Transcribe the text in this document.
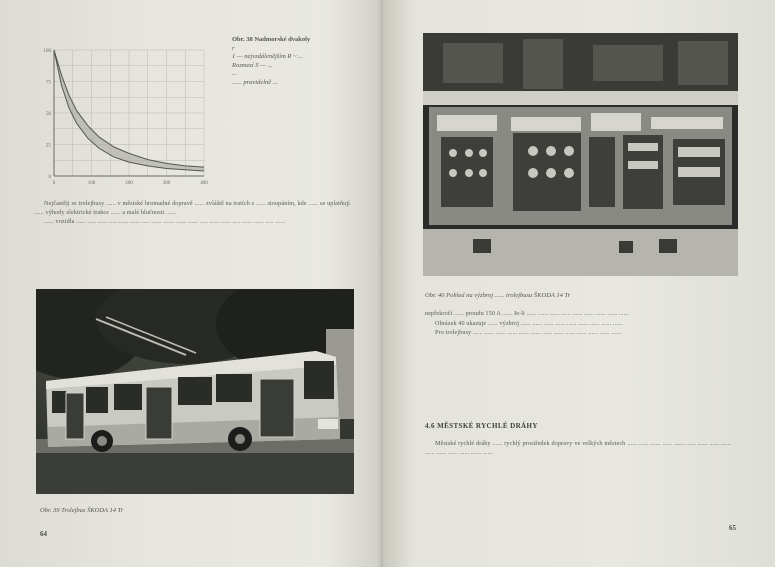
100
75
50
25
0
0	100	200	300	400
Obr. 38 Nadmorské dvakoly
r
1 — nejvzdálenějším R ~ ...
Rozmezí S — ...
...
...... pravidelně ...

Nejčastěji se trolejbusy ...... v městské hromadné dopravě ...... zvláště na tratích s ...... stoupáním, kde ...... se uplatňují ...... výhody elektrické trakce ...... a malé hlučnosti ......

...... vozidla ...... ..... ...... ..... ...... ...... ..... ...... ....... ...... ...... ..... ...... ...... ..... ...... ...... ..... ......

Obr. 39 Trolejbus ŠKODA 14 Tr
64
Obr. 40 Pohled na výzbroj ...... trolejbusu ŠKODA 14 Tr

nepřekročí ...... proudu 150 A ...... Je-li ...... ...... ...... ...... ...... ...... ...... ...... ......

Obrázek 40 ukazuje ...... výzbroj ...... ...... ...... ...... ...... ...... ...... ...... ......

Pro trolejbusy ...... ...... ...... ...... ...... ...... ...... ...... ...... ...... ...... ...... ......

4.6 MĚSTSKÉ RYCHLÉ DRÁHY

Městské rychlé dráhy ...... rychlý prostředek dopravy ve velkých městech ...... ...... ...... ...... ...... ...... ...... ...... ...... ...... ...... ...... ...... ...... ......

65
